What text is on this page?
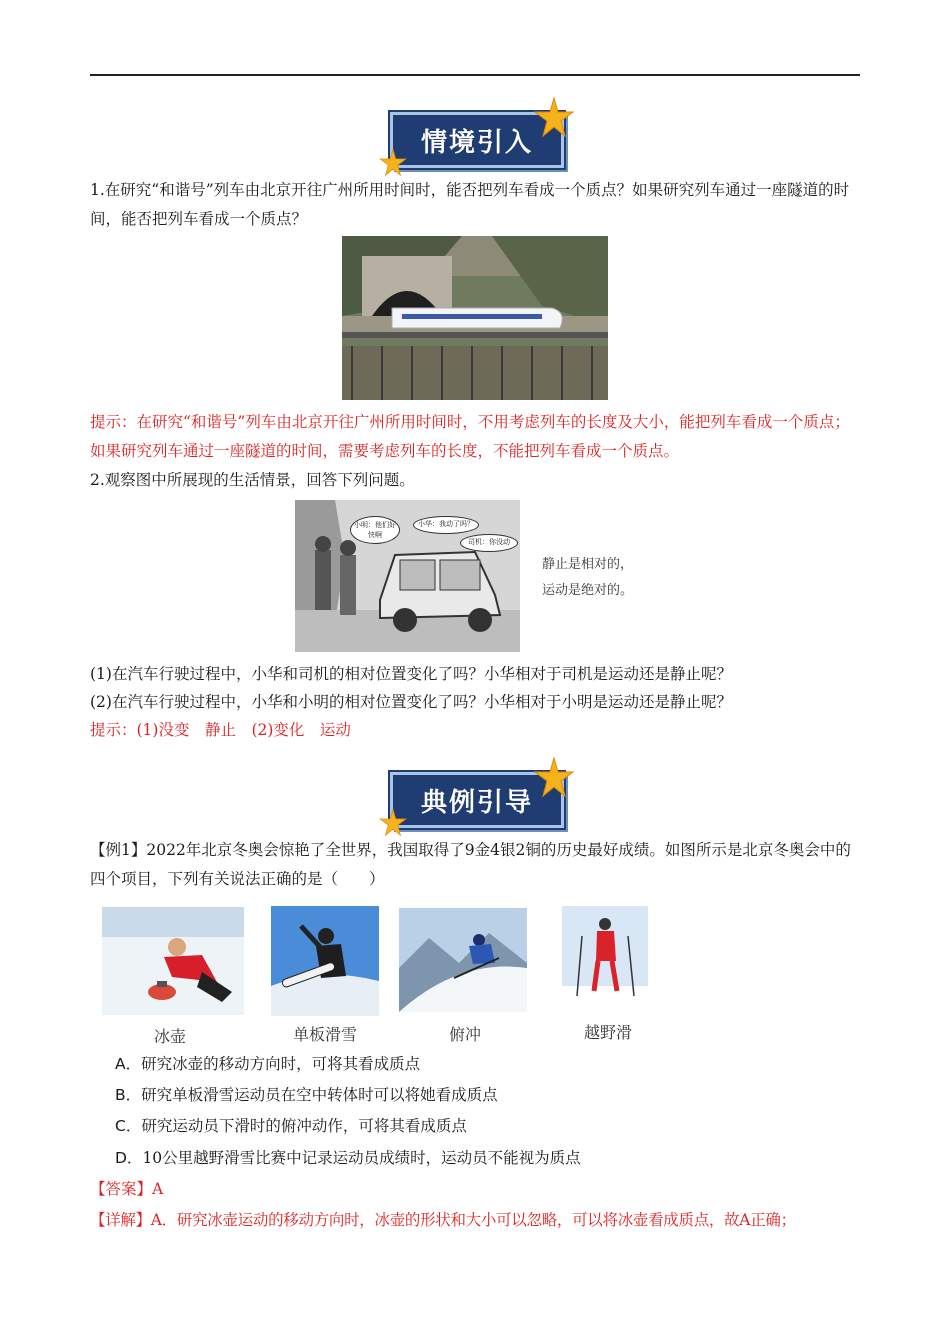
情境引入

1.在研究“和谐号”列车由北京开往广州所用时间时，能否把列车看成一个质点？如果研究列车通过一座隧道的时间，能否把列车看成一个质点？

提示：在研究“和谐号”列车由北京开往广州所用时间时，不用考虑列车的长度及大小，能把列车看成一个质点；如果研究列车通过一座隧道的时间，需要考虑列车的长度，不能把列车看成一个质点。

2.观察图中所展现的生活情景，回答下列问题。

小明：他们好快啊
小华：我动了吗？
司机：你没动
静止是相对的，
运动是绝对的。

(1)在汽车行驶过程中，小华和司机的相对位置变化了吗？小华相对于司机是运动还是静止呢？

(2)在汽车行驶过程中，小华和小明的相对位置变化了吗？小华相对于小明是运动还是静止呢？

提示：(1)没变　静止　(2)变化　运动

典例引导

【例1】2022年北京冬奥会惊艳了全世界，我国取得了9金4银2铜的历史最好成绩。如图所示是北京冬奥会中的四个项目，下列有关说法正确的是（　　）

冰壶	单板滑雪	俯冲	越野滑
A．研究冰壶的移动方向时，可将其看成质点
B．研究单板滑雪运动员在空中转体时可以将她看成质点
C．研究运动员下滑时的俯冲动作，可将其看成质点
D．10公里越野滑雪比赛中记录运动员成绩时，运动员不能视为质点

【答案】A

【详解】A．研究冰壶运动的移动方向时，冰壶的形状和大小可以忽略，可以将冰壶看成质点，故A正确；
